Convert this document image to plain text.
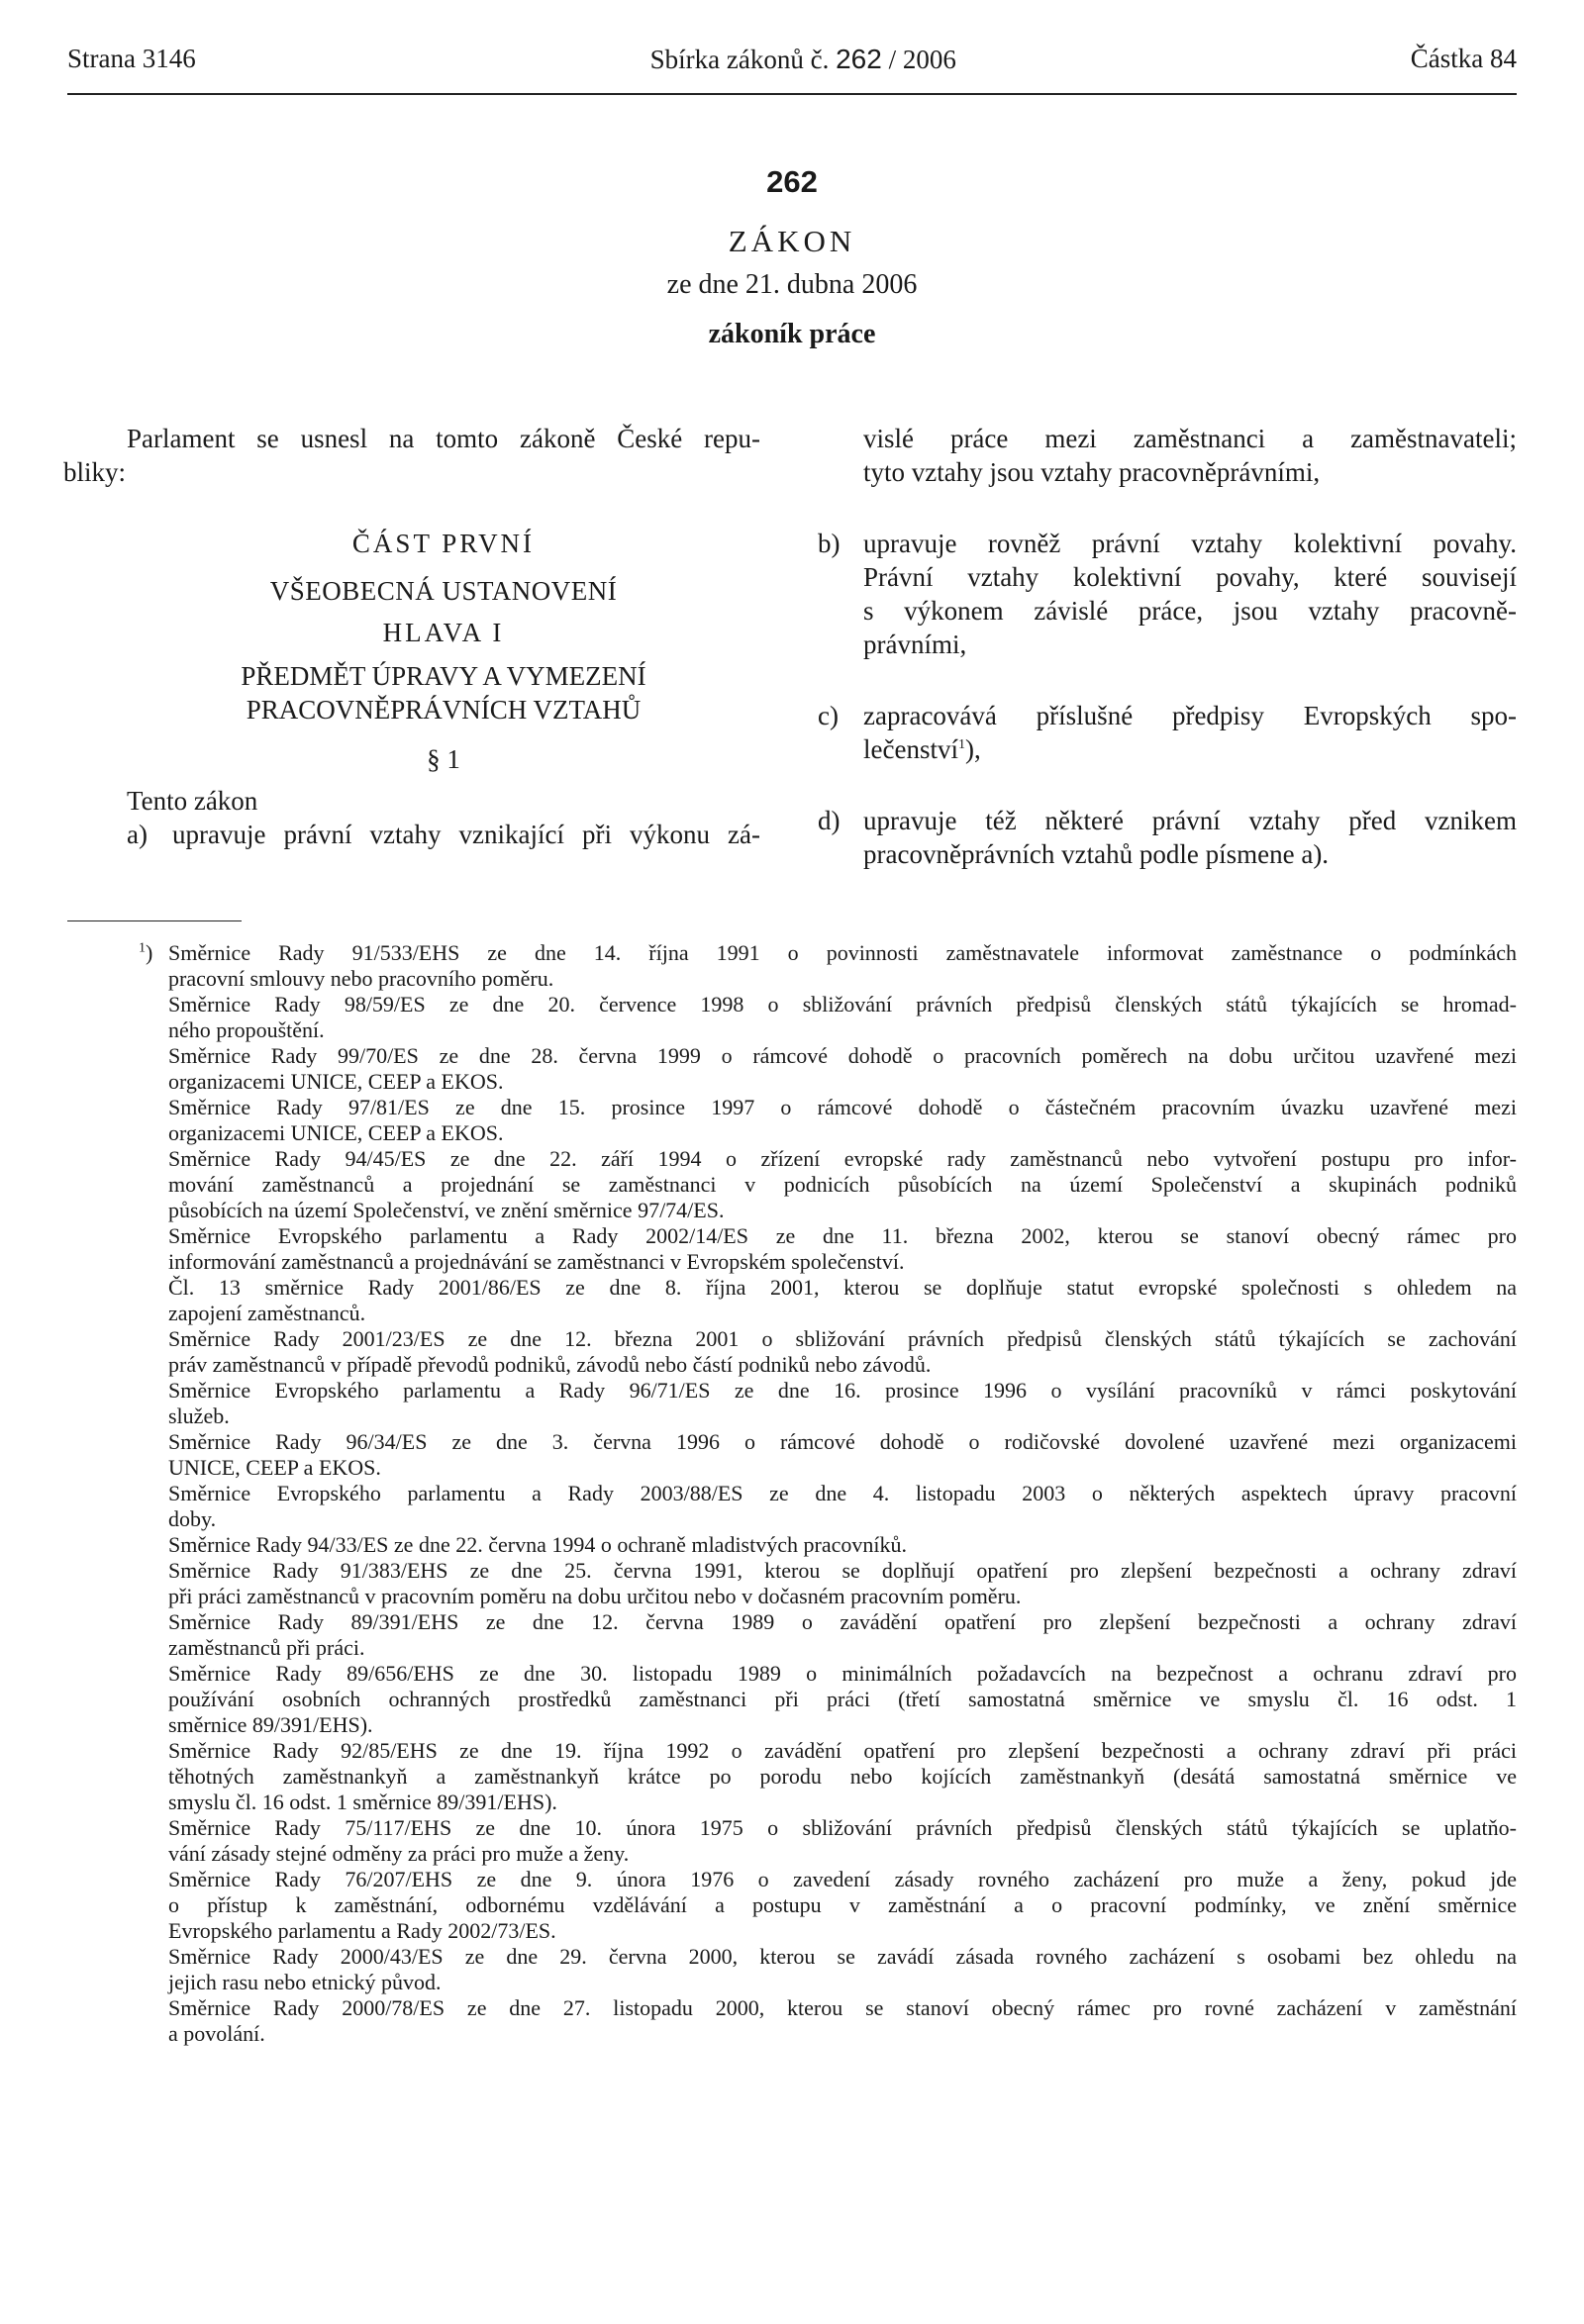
Strana 3146	Sbírka zákonů č. 262 / 2006	Částka 84
262
ZÁKON
ze dne 21. dubna 2006
zákoník práce
Parlament se usnesl na tomto zákoně České repu-
bliky:
ČÁST PRVNÍ
VŠEOBECNÁ USTANOVENÍ
HLAVA I
PŘEDMĚT ÚPRAVY A VYMEZENÍ
PRACOVNĚPRÁVNÍCH VZTAHŮ
§ 1
Tento zákon
a) upravuje právní vztahy vznikající při výkonu zá-
vislé práce mezi zaměstnanci a zaměstnavateli;
tyto vztahy jsou vztahy pracovněprávními,
b) upravuje rovněž právní vztahy kolektivní povahy.
Právní vztahy kolektivní povahy, které souvisejí
s výkonem závislé práce, jsou vztahy pracovně-
právními,
c) zapracovává příslušné předpisy Evropských spo-
lečenství$^1$),
d) upravuje též některé právní vztahy před vznikem
pracovněprávních vztahů podle písmene a).
$^1$) Směrnice Rady 91/533/EHS ze dne 14. října 1991 o povinnosti zaměstnavatele informovat zaměstnance o podmínkách
pracovní smlouvy nebo pracovního poměru.
Směrnice Rady 98/59/ES ze dne 20. července 1998 o sbližování právních předpisů členských států týkajících se hromad-
ného propouštění.
Směrnice Rady 99/70/ES ze dne 28. června 1999 o rámcové dohodě o pracovních poměrech na dobu určitou uzavřené mezi
organizacemi UNICE, CEEP a EKOS.
Směrnice Rady 97/81/ES ze dne 15. prosince 1997 o rámcové dohodě o částečném pracovním úvazku uzavřené mezi
organizacemi UNICE, CEEP a EKOS.
Směrnice Rady 94/45/ES ze dne 22. září 1994 o zřízení evropské rady zaměstnanců nebo vytvoření postupu pro infor-
mování zaměstnanců a projednání se zaměstnanci v podnicích působících na území Společenství a skupinách podniků
působících na území Společenství, ve znění směrnice 97/74/ES.
Směrnice Evropského parlamentu a Rady 2002/14/ES ze dne 11. března 2002, kterou se stanoví obecný rámec pro
informování zaměstnanců a projednávání se zaměstnanci v Evropském společenství.
Čl. 13 směrnice Rady 2001/86/ES ze dne 8. října 2001, kterou se doplňuje statut evropské společnosti s ohledem na
zapojení zaměstnanců.
Směrnice Rady 2001/23/ES ze dne 12. března 2001 o sbližování právních předpisů členských států týkajících se zachování
práv zaměstnanců v případě převodů podniků, závodů nebo částí podniků nebo závodů.
Směrnice Evropského parlamentu a Rady 96/71/ES ze dne 16. prosince 1996 o vysílání pracovníků v rámci poskytování
služeb.
Směrnice Rady 96/34/ES ze dne 3. června 1996 o rámcové dohodě o rodičovské dovolené uzavřené mezi organizacemi
UNICE, CEEP a EKOS.
Směrnice Evropského parlamentu a Rady 2003/88/ES ze dne 4. listopadu 2003 o některých aspektech úpravy pracovní
doby.
Směrnice Rady 94/33/ES ze dne 22. června 1994 o ochraně mladistvých pracovníků.
Směrnice Rady 91/383/EHS ze dne 25. června 1991, kterou se doplňují opatření pro zlepšení bezpečnosti a ochrany zdraví
při práci zaměstnanců v pracovním poměru na dobu určitou nebo v dočasném pracovním poměru.
Směrnice Rady 89/391/EHS ze dne 12. června 1989 o zavádění opatření pro zlepšení bezpečnosti a ochrany zdraví
zaměstnanců při práci.
Směrnice Rady 89/656/EHS ze dne 30. listopadu 1989 o minimálních požadavcích na bezpečnost a ochranu zdraví pro
používání osobních ochranných prostředků zaměstnanci při práci (třetí samostatná směrnice ve smyslu čl. 16 odst. 1
směrnice 89/391/EHS).
Směrnice Rady 92/85/EHS ze dne 19. října 1992 o zavádění opatření pro zlepšení bezpečnosti a ochrany zdraví při práci
těhotných zaměstnankyň a zaměstnankyň krátce po porodu nebo kojících zaměstnankyň (desátá samostatná směrnice ve
smyslu čl. 16 odst. 1 směrnice 89/391/EHS).
Směrnice Rady 75/117/EHS ze dne 10. února 1975 o sbližování právních předpisů členských států týkajících se uplatňo-
vání zásady stejné odměny za práci pro muže a ženy.
Směrnice Rady 76/207/EHS ze dne 9. února 1976 o zavedení zásady rovného zacházení pro muže a ženy, pokud jde
o přístup k zaměstnání, odbornému vzdělávání a postupu v zaměstnání a o pracovní podmínky, ve znění směrnice
Evropského parlamentu a Rady 2002/73/ES.
Směrnice Rady 2000/43/ES ze dne 29. června 2000, kterou se zavádí zásada rovného zacházení s osobami bez ohledu na
jejich rasu nebo etnický původ.
Směrnice Rady 2000/78/ES ze dne 27. listopadu 2000, kterou se stanoví obecný rámec pro rovné zacházení v zaměstnání
a povolání.
